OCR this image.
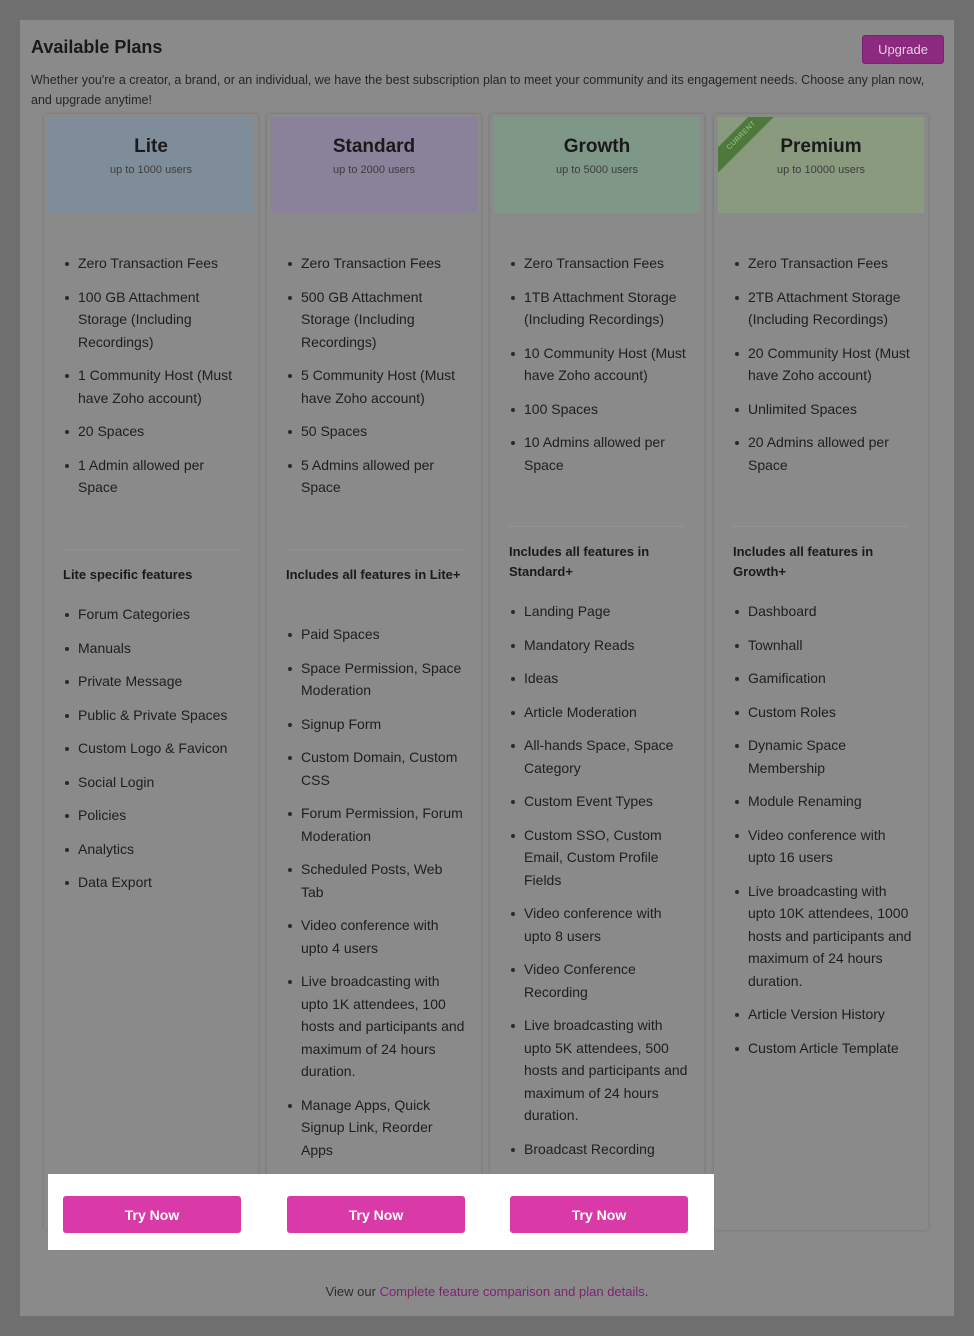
Available Plans	Upgrade
Whether you're a creator, a brand, or an individual, we have the best subscription plan to meet your community and its engagement needs. Choose any plan now, and upgrade anytime!
Lite
up to 1000 users
Zero Transaction Fees
100 GB Attachment Storage (Including Recordings)
1 Community Host (Must have Zoho account)
20 Spaces
1 Admin allowed per Space
Lite specific features
Forum Categories
Manuals
Private Message
Public & Private Spaces
Custom Logo & Favicon
Social Login
Policies
Analytics
Data Export
Standard
up to 2000 users
Zero Transaction Fees
500 GB Attachment Storage (Including Recordings)
5 Community Host (Must have Zoho account)
50 Spaces
5 Admins allowed per Space
Includes all features in Lite+
Paid Spaces
Space Permission, Space Moderation
Signup Form
Custom Domain, Custom CSS
Forum Permission, Forum Moderation
Scheduled Posts, Web Tab
Video conference with upto 4 users
Live broadcasting with upto 1K attendees, 100 hosts and participants and maximum of 24 hours duration.
Manage Apps, Quick Signup Link, Reorder Apps
Growth
up to 5000 users
Zero Transaction Fees
1TB Attachment Storage (Including Recordings)
10 Community Host (Must have Zoho account)
100 Spaces
10 Admins allowed per Space
Includes all features in Standard+
Landing Page
Mandatory Reads
Ideas
Article Moderation
All-hands Space, Space Category
Custom Event Types
Custom SSO, Custom Email, Custom Profile Fields
Video conference with upto 8 users
Video Conference Recording
Live broadcasting with upto 5K attendees, 500 hosts and participants and maximum of 24 hours duration.
Broadcast Recording
CURRENT	Premium
up to 10000 users
Zero Transaction Fees
2TB Attachment Storage (Including Recordings)
20 Community Host (Must have Zoho account)
Unlimited Spaces
20 Admins allowed per Space
Includes all features in Growth+
Dashboard
Townhall
Gamification
Custom Roles
Dynamic Space Membership
Module Renaming
Video conference with upto 16 users
Live broadcasting with upto 10K attendees, 1000 hosts and participants and maximum of 24 hours duration.
Article Version History
Custom Article Template
Try Now	Try Now	Try Now
View our Complete feature comparison and plan details.
